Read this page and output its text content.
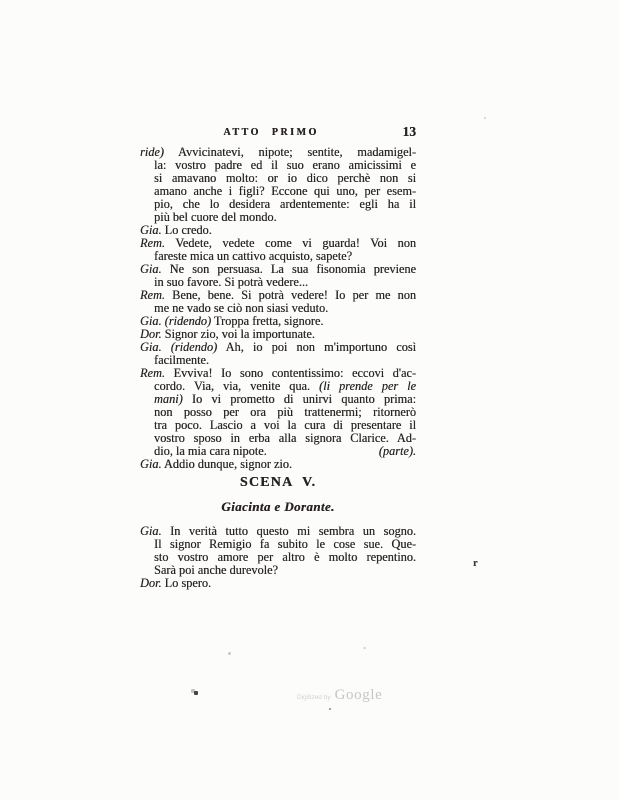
ATTO PRIMO	13
ride) Avvicinatevi, nipote; sentite, madamigel-
la: vostro padre ed il suo erano amicissimi e
si amavano molto: or io dico perchè non si
amano anche i figli? Eccone qui uno, per esem-
pio, che lo desidera ardentemente: egli ha il
più bel cuore del mondo.
Gia. Lo credo.
Rem. Vedete, vedete come vi guarda! Voi non
fareste mica un cattivo acquisto, sapete?
Gia. Ne son persuasa. La sua fisonomia previene
in suo favore. Si potrà vedere...
Rem. Bene, bene. Si potrà vedere! Io per me non
me ne vado se ciò non siasi veduto.
Gia. (ridendo) Troppa fretta, signore.
Dor. Signor zio, voi la importunate.
Gia. (ridendo) Ah, io poi non m'importuno così
facilmente.
Rem. Evviva! Io sono contentissimo: eccovi d'ac-
cordo. Via, via, venite qua. (li prende per le
mani) Io vi prometto di unirvi quanto prima:
non posso per ora più trattenermi; ritornerò
tra poco. Lascio a voi la cura di presentare il
vostro sposo in erba alla signora Clarice. Ad-
dio, la mia cara nipote.	(parte).
Gia. Addio dunque, signor zio.
SCENA V.
Giacinta e Dorante.
Gia. In verità tutto questo mi sembra un sogno.
Il signor Remigio fa subito le cose sue. Que-
sto vostro amore per altro è molto repentino.
Sarà poi anche durevole?
Dor. Lo spero.
Digitized by Google
r
